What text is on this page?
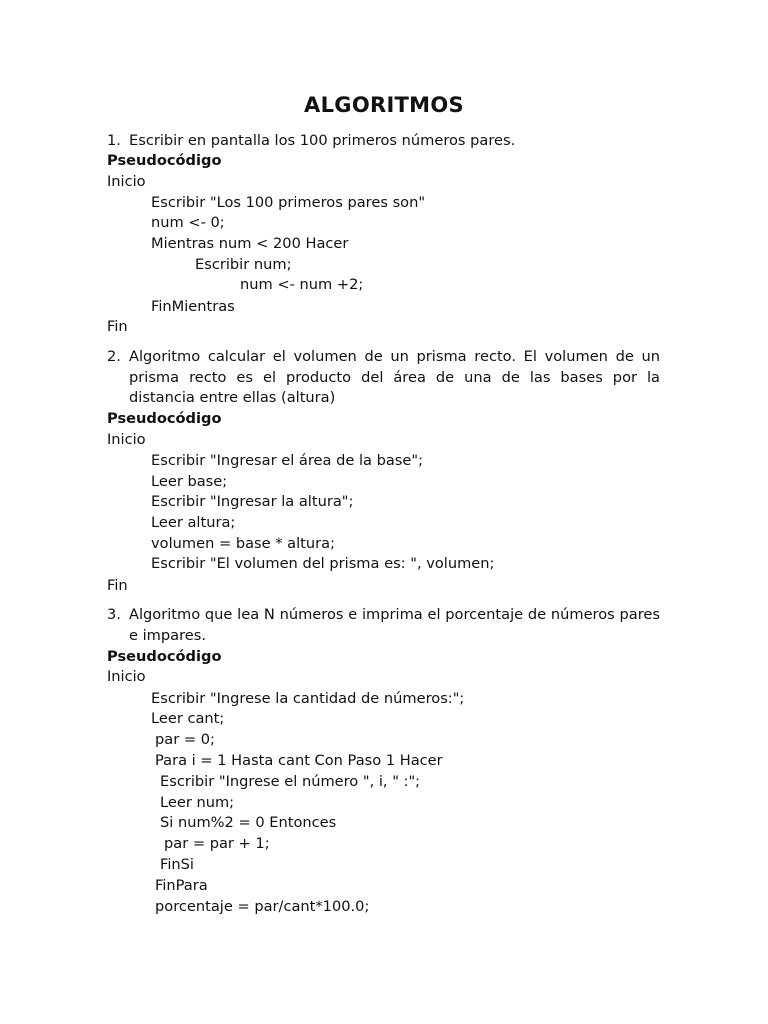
ALGORITMOS
1. Escribir en pantalla los 100 primeros números pares.
Pseudocódigo
Inicio
Escribir "Los 100 primeros pares son"
num <- 0;
Mientras num < 200 Hacer
Escribir num;
num <- num +2;
FinMientras
Fin
2. Algoritmo calcular el volumen de un prisma recto. El volumen de un prisma recto es el producto del área de una de las bases por la distancia entre ellas (altura)
Pseudocódigo
Inicio
Escribir "Ingresar el área de la base";
Leer base;
Escribir "Ingresar la altura";
Leer altura;
volumen = base * altura;
Escribir "El volumen del prisma es: ", volumen;
Fin
3. Algoritmo que lea N números e imprima el porcentaje de números pares e impares.
Pseudocódigo
Inicio
Escribir "Ingrese la cantidad de números:";
Leer cant;
par = 0;
Para i = 1 Hasta cant Con Paso 1 Hacer
Escribir "Ingrese el número ", i, " :";
Leer num;
Si num%2 = 0 Entonces
par = par + 1;
FinSi
FinPara
porcentaje = par/cant*100.0;
